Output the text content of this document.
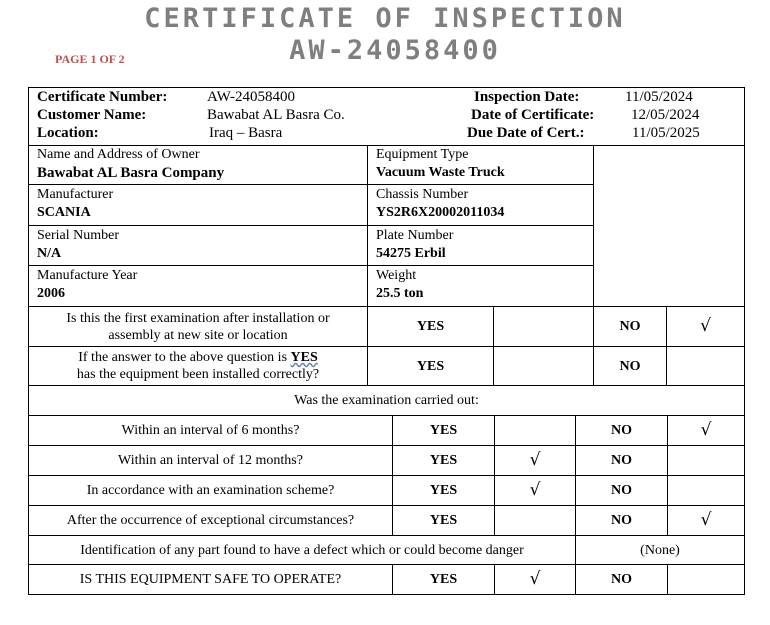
CERTIFICATE OF INSPECTION
AW-24058400
PAGE 1 OF 2
Certificate Number:	AW-24058400
Customer Name:	Bawabat AL Basra Co.
Location:	Iraq – Basra
Inspection Date:	11/05/2024
Date of Certificate: 12/05/2024
Due Date of Cert.:	11/05/2025
Name and Address of Owner
Bawabat AL Basra Company
Equipment Type
Vacuum Waste Truck
Manufacturer
SCANIA
Chassis Number
YS2R6X20002011034
Serial Number
N/A
Plate Number
54275 Erbil
Manufacture Year
2006
Weight
25.5 ton
Is this the first examination after installation or
assembly at new site or location
YES	NO	√
If the answer to the above question is YES
has the equipment been installed correctly?
YES	NO
Was the examination carried out:
Within an interval of 6 months?	YES	NO	√
Within an interval of 12 months?	YES	√	NO
In accordance with an examination scheme?	YES	√	NO
After the occurrence of exceptional circumstances?	YES	NO	√
Identification of any part found to have a defect which or could become danger	(None)
IS THIS EQUIPMENT SAFE TO OPERATE?	YES	√	NO
